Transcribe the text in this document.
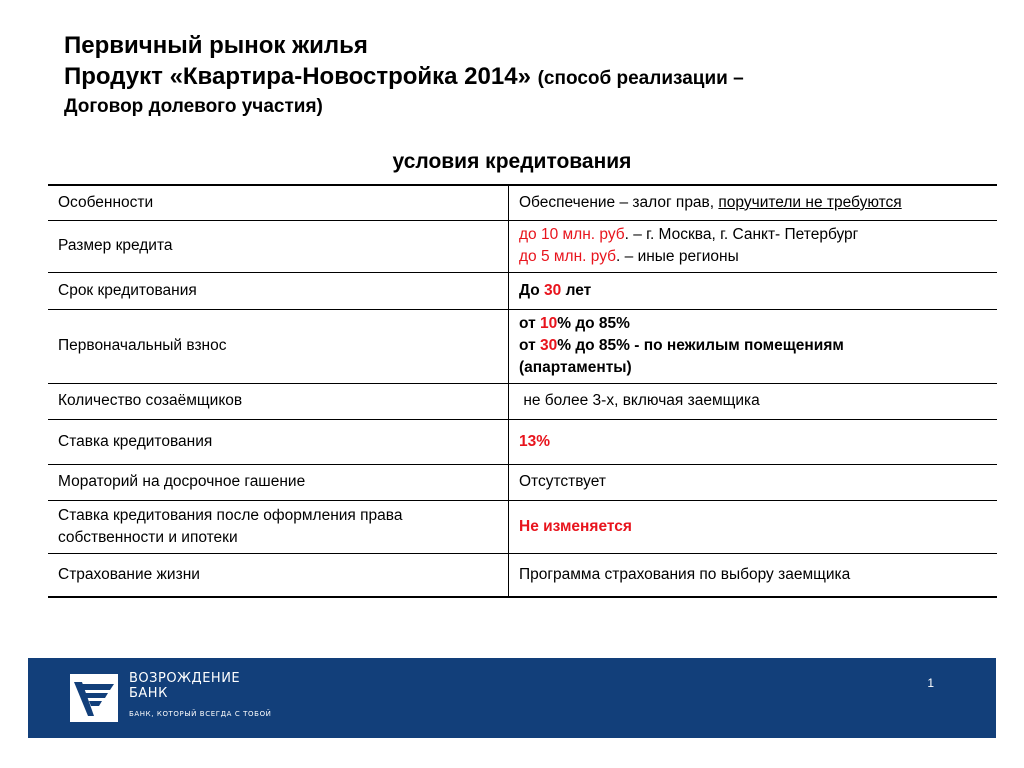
Первичный рынок жилья
Продукт «Квартира-Новостройка 2014» (способ реализации –
Договор долевого участия)
условия кредитования
Особенности	Обеспечение – залог прав, поручители не требуются
Размер кредита	до 10 млн. руб. – г. Москва, г. Санкт- Петербург
до 5 млн. руб. – иные регионы

Срок кредитования	До 30 лет
Первоначальный взнос	от 10% до 85%
от 30% до 85% - по нежилым помещениям
(апартаменты)

Количество созаёмщиков	не более 3-х, включая заемщика
Ставка кредитования	13%
Мораторий на досрочное гашение	Отсутствует
Ставка кредитования после оформления права собственности и ипотеки	Не изменяется
Страхование жизни	Программа страхования по выбору заемщика
ВОЗРОЖДЕНИЕ
БАНК
БАНК, КОТОРЫЙ ВСЕГДА С ТОБОЙ
1
